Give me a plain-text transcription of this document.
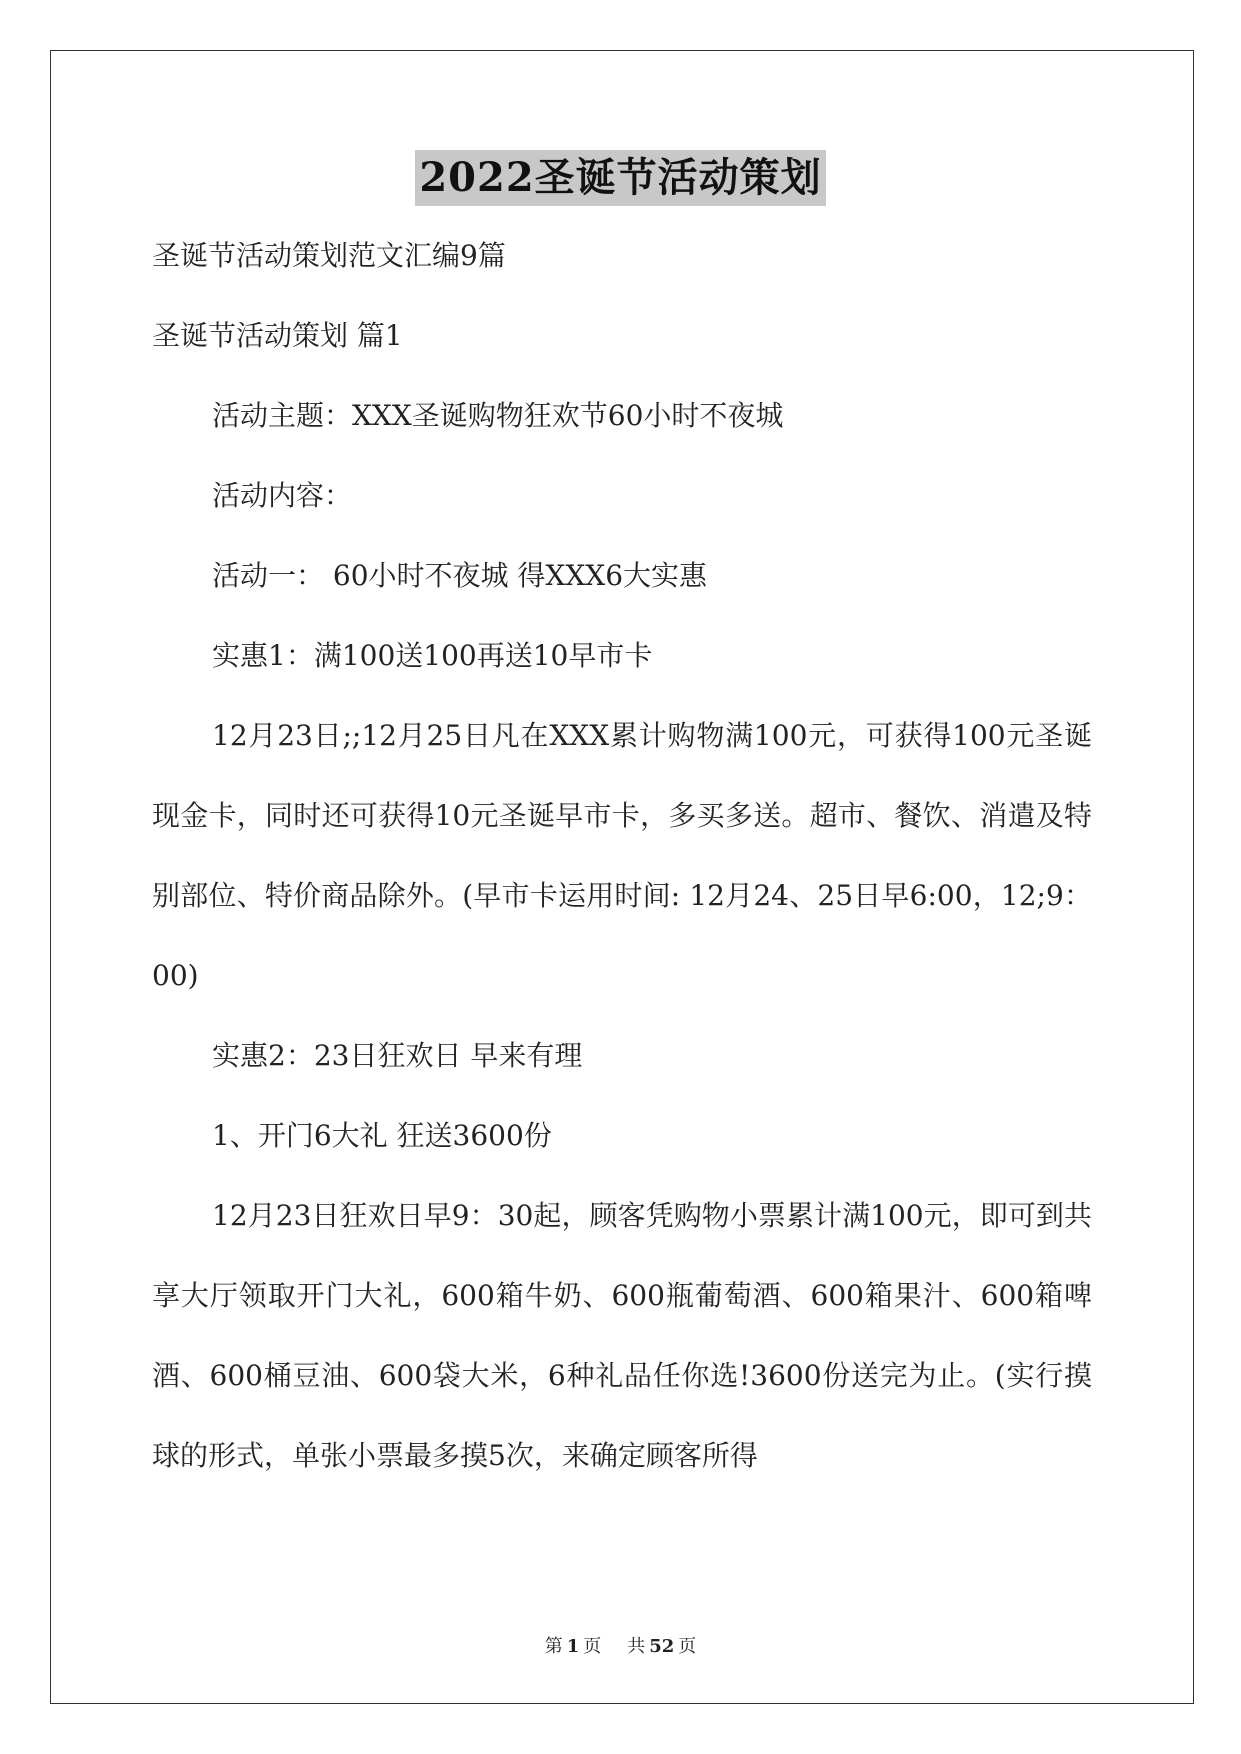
2022圣诞节活动策划

圣诞节活动策划范文汇编9篇

圣诞节活动策划 篇1

活动主题：XXX圣诞购物狂欢节60小时不夜城

活动内容：

活动一： 60小时不夜城 得XXX6大实惠

实惠1：满100送100再送10早市卡

12月23日;;12月25日凡在XXX累计购物满100元，可获得100元圣诞现金卡，同时还可获得10元圣诞早市卡，多买多送。超市、餐饮、消遣及特别部位、特价商品除外。(早市卡运用时间: 12月24、25日早6:00，12;9：00)

实惠2：23日狂欢日 早来有理

1、开门6大礼 狂送3600份

12月23日狂欢日早9：30起，顾客凭购物小票累计满100元，即可到共享大厅领取开门大礼，600箱牛奶、600瓶葡萄酒、600箱果汁、600箱啤酒、600桶豆油、600袋大米，6种礼品任你选!3600份送完为止。(实行摸球的形式，单张小票最多摸5次，来确定顾客所得

第 1 页 共 52 页
